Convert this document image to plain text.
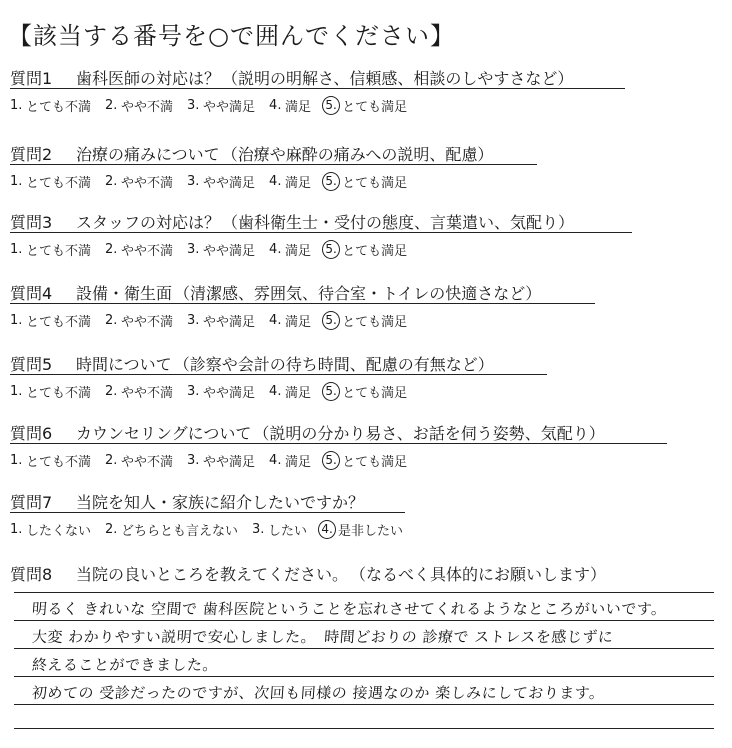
【該当する番号を○で囲んでください】
質問1	歯科医師の対応は？ （説明の明解さ、信頼感、相談のしやすさなど）
1. とても不満 2. やや不満 3. やや満足 4. 満足 5. とても満足
質問2	治療の痛みについて （治療や麻酔の痛みへの説明、配慮）
1. とても不満 2. やや不満 3. やや満足 4. 満足 5. とても満足
質問3	スタッフの対応は？ （歯科衛生士・受付の態度、言葉遣い、気配り）
1. とても不満 2. やや不満 3. やや満足 4. 満足 5. とても満足
質問4	設備・衛生面 （清潔感、雰囲気、待合室・トイレの快適さなど）
1. とても不満 2. やや不満 3. やや満足 4. 満足 5. とても満足
質問5	時間について （診察や会計の待ち時間、配慮の有無など）
1. とても不満 2. やや不満 3. やや満足 4. 満足 5. とても満足
質問6	カウンセリングについて （説明の分かり易さ、お話を伺う姿勢、気配り）
1. とても不満 2. やや不満 3. やや満足 4. 満足 5. とても満足
質問7	当院を知人・家族に紹介したいですか？
1. したくない 2. どちらとも言えない 3. したい 4. 是非したい
質問8	当院の良いところを教えてください。 （なるべく具体的にお願いします）
明るく きれいな 空間で 歯科医院ということを忘れさせてくれるようなところがいいです。
大変 わかりやすい説明で安心しました。　時間どおりの 診療で ストレスを感じずに
終えることができました。
初めての 受診だったのですが、次回も同様の 接遇なのか 楽しみにしております。
